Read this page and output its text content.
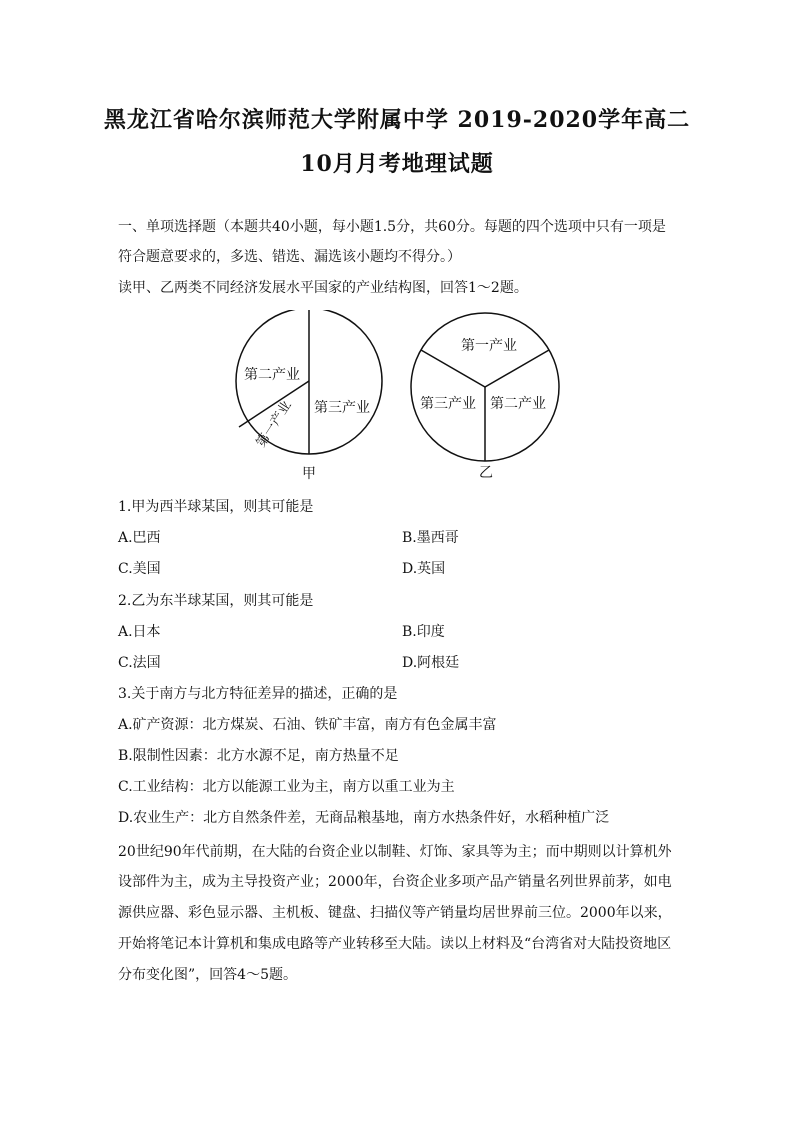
黑龙江省哈尔滨师范大学附属中学 2019-2020学年高二
10月月考地理试题
一、单项选择题（本题共40小题，每小题1.5分，共60分。每题的四个选项中只有一项是
符合题意要求的，多选、错选、漏选该小题均不得分。）
读甲、乙两类不同经济发展水平国家的产业结构图，回答1～2题。
第二产业
第三产业
第一产业
甲
第一产业
第三产业 第二产业
乙
1.甲为西半球某国，则其可能是
A.巴西	B.墨西哥
C.美国	D.英国
2.乙为东半球某国，则其可能是
A.日本	B.印度
C.法国	D.阿根廷
3.关于南方与北方特征差异的描述，正确的是
A.矿产资源：北方煤炭、石油、铁矿丰富，南方有色金属丰富
B.限制性因素：北方水源不足，南方热量不足
C.工业结构：北方以能源工业为主，南方以重工业为主
D.农业生产：北方自然条件差，无商品粮基地，南方水热条件好，水稻种植广泛
20世纪90年代前期，在大陆的台资企业以制鞋、灯饰、家具等为主；而中期则以计算机外
设部件为主，成为主导投资产业；2000年，台资企业多项产品产销量名列世界前茅，如电
源供应器、彩色显示器、主机板、键盘、扫描仪等产销量均居世界前三位。2000年以来，
开始将笔记本计算机和集成电路等产业转移至大陆。读以上材料及“台湾省对大陆投资地区
分布变化图”，回答4～5题。
